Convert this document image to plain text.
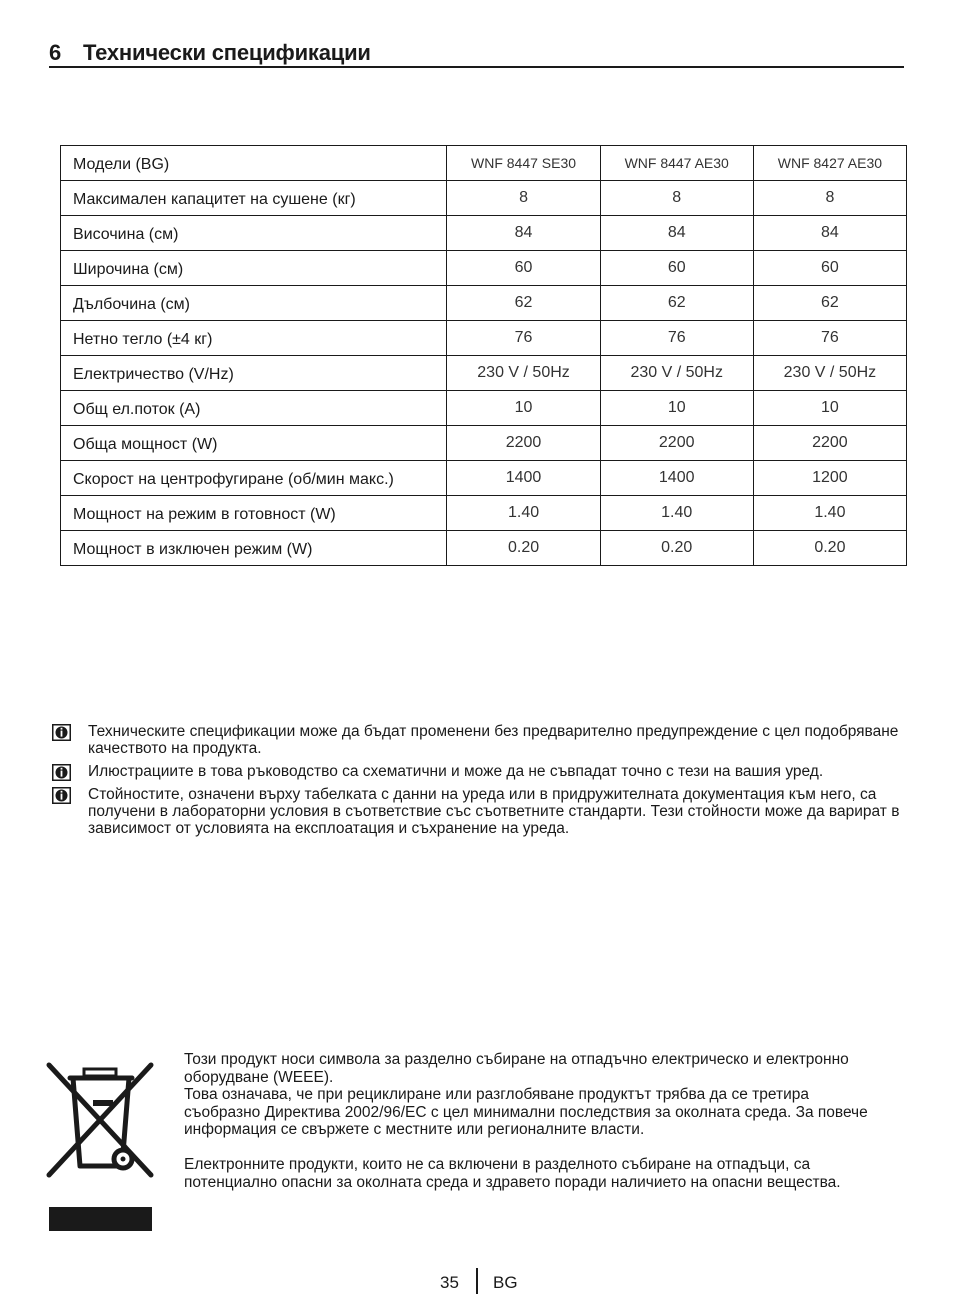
6 Технически спецификации
Модели (BG)	WNF 8447 SE30	WNF 8447 AE30	WNF 8427 AE30
Максимален капацитет на сушене (кг)	8	8	8
Височина (см)	84	84	84
Широчина (см)	60	60	60
Дълбочина (см)	62	62	62
Нетно тегло (±4 кг)	76	76	76
Електричество (V/Hz)	230 V / 50Hz	230 V / 50Hz	230 V / 50Hz
Общ ел.поток (A)	10	10	10
Обща мощност (W)	2200	2200	2200
Скорост на центрофугиране (об/мин макс.)	1400	1400	1200
Мощност на режим в готовност (W)	1.40	1.40	1.40
Мощност в изключен режим (W)	0.20	0.20	0.20
Техническите спецификации може да бъдат променени без предварително предупреждение с цел подобряване качеството на продукта.
Илюстрациите в това ръководство са схематични и може да не съвпадат точно с тези на вашия уред.
Стойностите, означени върху табелката с данни на уреда или в придружителната документация към него, са получени в лабораторни условия в съответствие със съответните стандарти. Тези стойности може да варират в зависимост от условията на експлоатация и съхранение на уреда.

Този продукт носи символа за разделно събиране на отпадъчно електрическо и електронно оборудване (WEEE).

Това означава, че при рециклиране или разглобяване продуктът трябва да се третира съобразно Директива 2002/96/ЕС с цел минимални последствия за околната среда. За повече информация се свържете с местните или регионалните власти.

Електронните продукти, които не са включени в разделното събиране на отпадъци, са потенциално опасни за околната среда и здравето поради наличието на опасни вещества.

35 BG
